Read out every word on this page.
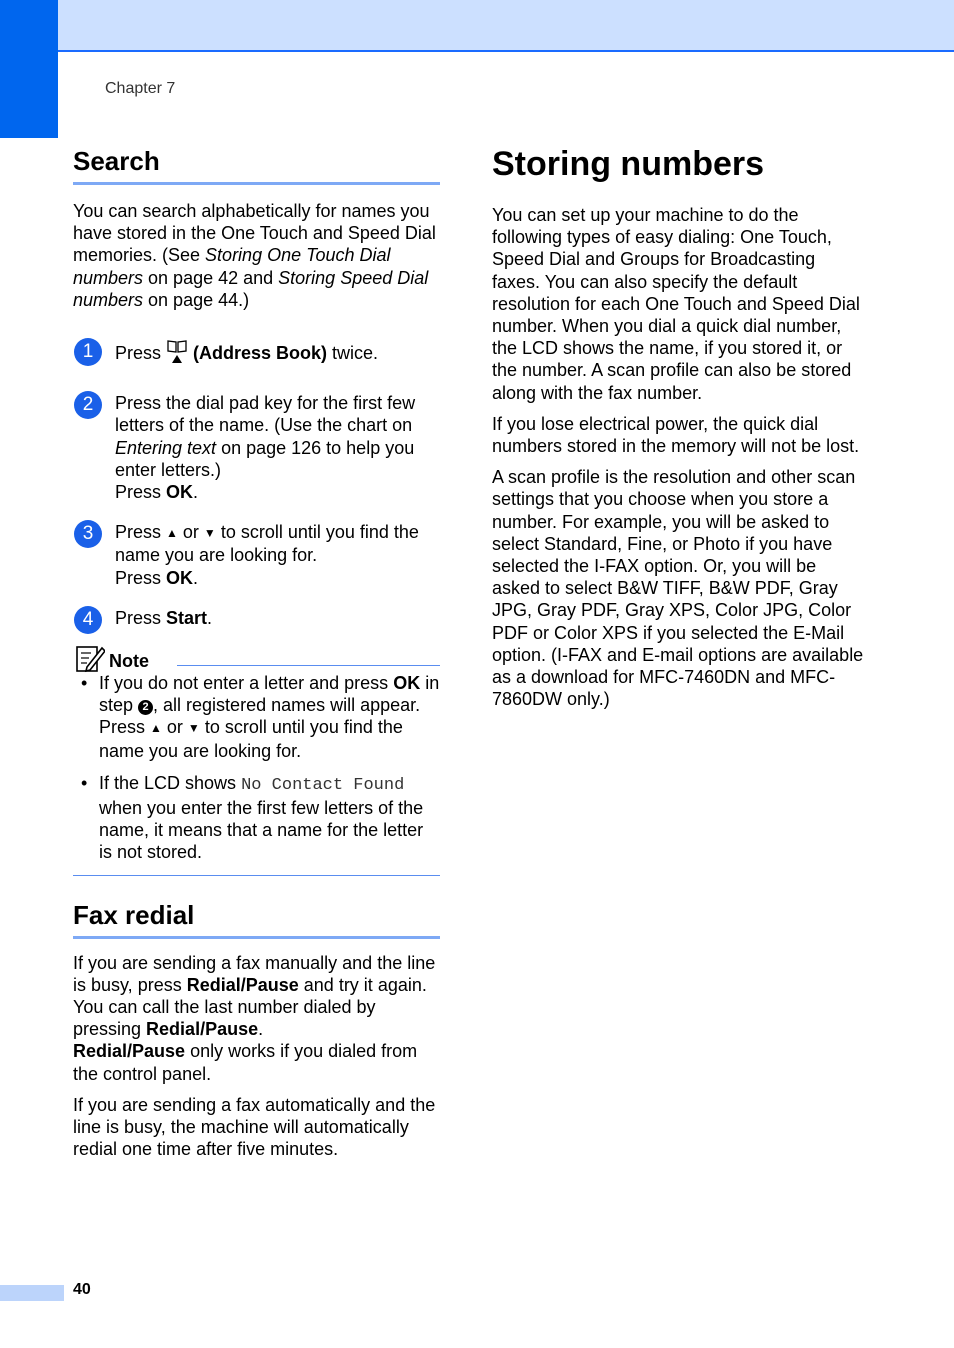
Chapter 7
Search

You can search alphabetically for names you have stored in the One Touch and Speed Dial memories. (See Storing One Touch Dial numbers on page 42 and Storing Speed Dial numbers on page 44.)

1	Press  (Address Book) twice.
2	Press the dial pad key for the first few letters of the name. (Use the chart on Entering text on page 126 to help you enter letters.)
Press OK.
3	Press ▲ or ▼ to scroll until you find the name you are looking for.
Press OK.
4	Press Start.
Note
• If you do not enter a letter and press OK in step 2 , all registered names will appear. Press ▲ or ▼ to scroll until you find the name you are looking for.
• If the LCD shows No Contact Found when you enter the first few letters of the name, it means that a name for the letter is not stored.
Fax redial

If you are sending a fax manually and the line is busy, press Redial/Pause and try it again. You can call the last number dialed by pressing Redial/Pause.
Redial/Pause only works if you dialed from the control panel.

If you are sending a fax automatically and the line is busy, the machine will automatically redial one time after five minutes.

Storing numbers

You can set up your machine to do the following types of easy dialing: One Touch, Speed Dial and Groups for Broadcasting faxes. You can also specify the default resolution for each One Touch and Speed Dial number. When you dial a quick dial number, the LCD shows the name, if you stored it, or the number. A scan profile can also be stored along with the fax number.

If you lose electrical power, the quick dial numbers stored in the memory will not be lost.

A scan profile is the resolution and other scan settings that you choose when you store a number. For example, you will be asked to select Standard, Fine, or Photo if you have selected the I-FAX option. Or, you will be asked to select B&W TIFF, B&W PDF, Gray JPG, Gray PDF, Gray XPS, Color JPG, Color PDF or Color XPS if you selected the E-Mail option. (I-FAX and E-mail options are available as a download for MFC-7460DN and MFC-7860DW only.)

40
